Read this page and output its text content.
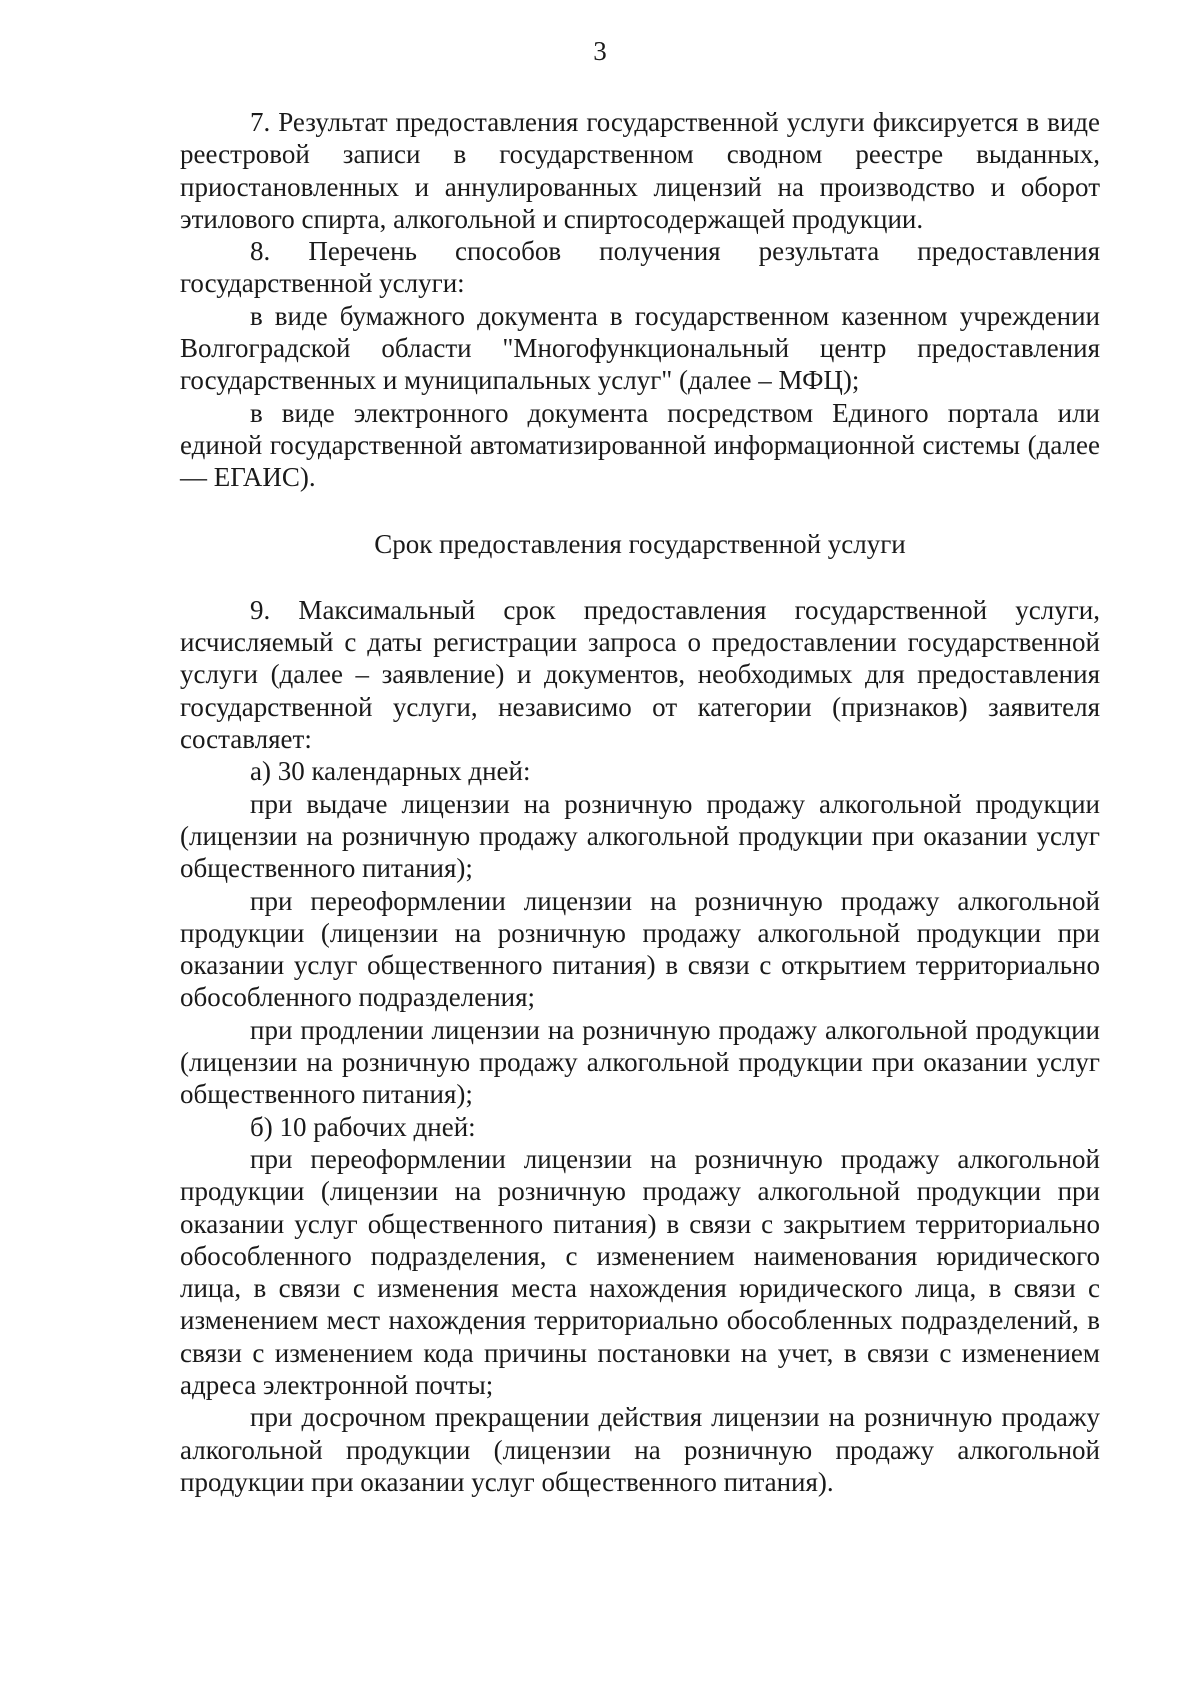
3

7. Результат предоставления государственной услуги фиксируется в виде реестровой записи в государственном сводном реестре выданных, приостановленных и аннулированных лицензий на производство и оборот этилового спирта, алкогольной и спиртосодержащей продукции.

8. Перечень способов получения результата предоставления государственной услуги:

в виде бумажного документа в государственном казенном учреждении Волгоградской области "Многофункциональный центр предоставления государственных и муниципальных услуг" (далее – МФЦ);

в виде электронного документа посредством Единого портала или единой государственной автоматизированной информационной системы (далее — ЕГАИС).

Срок предоставления государственной услуги

9. Максимальный срок предоставления государственной услуги, исчисляемый с даты регистрации запроса о предоставлении государственной услуги (далее – заявление) и документов, необходимых для предоставления государственной услуги, независимо от категории (признаков) заявителя составляет:

а) 30 календарных дней:

при выдаче лицензии на розничную продажу алкогольной продукции (лицензии на розничную продажу алкогольной продукции при оказании услуг общественного питания);

при переоформлении лицензии на розничную продажу алкогольной продукции (лицензии на розничную продажу алкогольной продукции при оказании услуг общественного питания) в связи с открытием территориально обособленного подразделения;

при продлении лицензии на розничную продажу алкогольной продукции (лицензии на розничную продажу алкогольной продукции при оказании услуг общественного питания);

б) 10 рабочих дней:

при переоформлении лицензии на розничную продажу алкогольной продукции (лицензии на розничную продажу алкогольной продукции при оказании услуг общественного питания) в связи с закрытием территориально обособленного подразделения, с изменением наименования юридического лица, в связи с изменения места нахождения юридического лица, в связи с изменением мест нахождения территориально обособленных подразделений, в связи с изменением кода причины постановки на учет, в связи с изменением адреса электронной почты;

при досрочном прекращении действия лицензии на розничную продажу алкогольной продукции (лицензии на розничную продажу алкогольной продукции при оказании услуг общественного питания).
